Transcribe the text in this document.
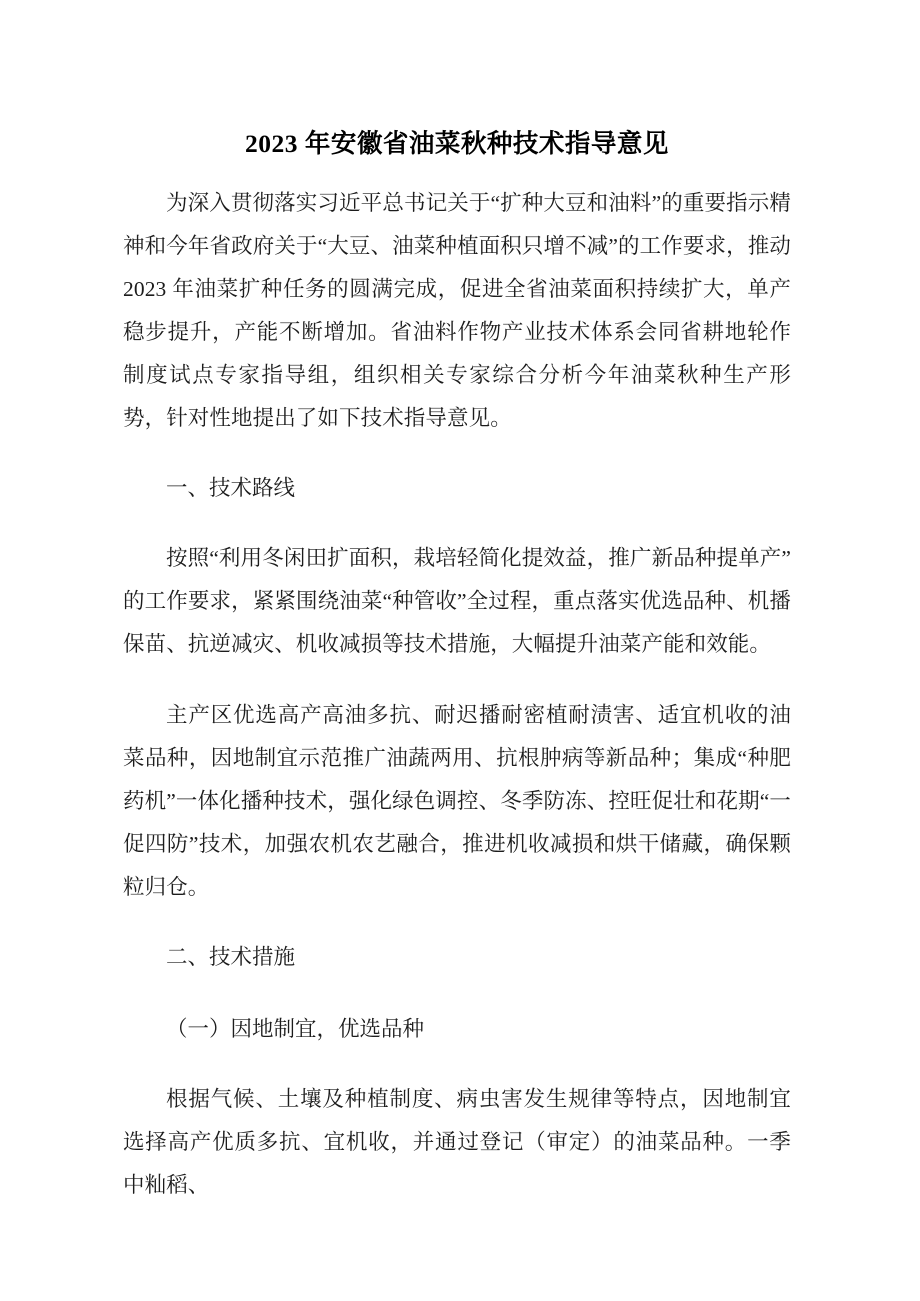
2023 年安徽省油菜秋种技术指导意见

为深入贯彻落实习近平总书记关于“扩种大豆和油料”的重要指示精神和今年省政府关于“大豆、油菜种植面积只增不减”的工作要求，推动 2023 年油菜扩种任务的圆满完成，促进全省油菜面积持续扩大，单产稳步提升，产能不断增加。省油料作物产业技术体系会同省耕地轮作制度试点专家指导组，组织相关专家综合分析今年油菜秋种生产形势，针对性地提出了如下技术指导意见。

一、技术路线

按照“利用冬闲田扩面积，栽培轻简化提效益，推广新品种提单产”的工作要求，紧紧围绕油菜“种管收”全过程，重点落实优选品种、机播保苗、抗逆减灾、机收减损等技术措施，大幅提升油菜产能和效能。

主产区优选高产高油多抗、耐迟播耐密植耐渍害、适宜机收的油菜品种，因地制宜示范推广油蔬两用、抗根肿病等新品种；集成“种肥药机”一体化播种技术，强化绿色调控、冬季防冻、控旺促壮和花期“一促四防”技术，加强农机农艺融合，推进机收减损和烘干储藏，确保颗粒归仓。

二、技术措施

（一）因地制宜，优选品种

根据气候、土壤及种植制度、病虫害发生规律等特点，因地制宜选择高产优质多抗、宜机收，并通过登记（审定）的油菜品种。一季中籼稻、
